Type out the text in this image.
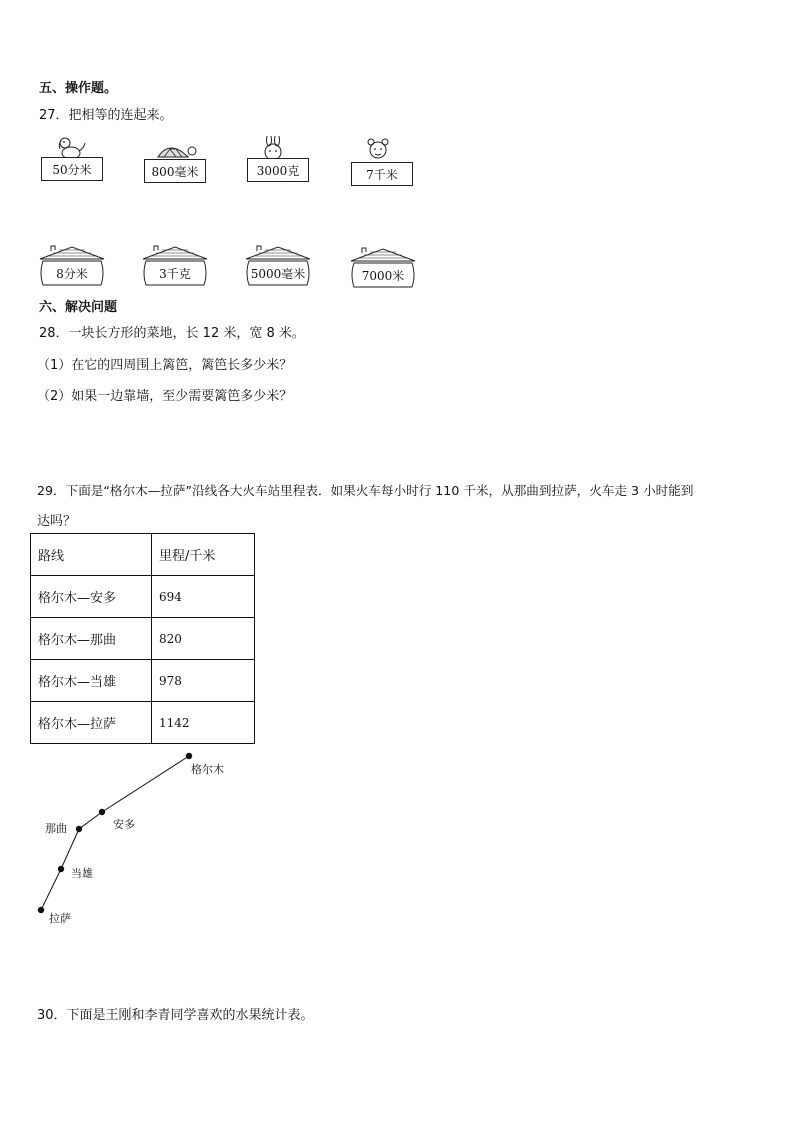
五、操作题。
27．把相等的连起来。
50分米	800毫米	3000克	7千米
8分米	3千克	5000毫米	7000米
六、解决问题
28．一块长方形的菜地，长 12 米，宽 8 米。
（1）在它的四周围上篱笆，篱笆长多少米？
（2）如果一边靠墙，至少需要篱笆多少米？
29．下面是“格尔木—拉萨”沿线各大火车站里程表．如果火车每小时行 110 千米，从那曲到拉萨，火车走 3 小时能到
达吗？
路线	里程/千米
格尔木—安多	694
格尔木—那曲	820
格尔木—当雄	978
格尔木—拉萨	1142
格尔木
安多
那曲
当雄
拉萨
30．下面是王刚和李青同学喜欢的水果统计表。
